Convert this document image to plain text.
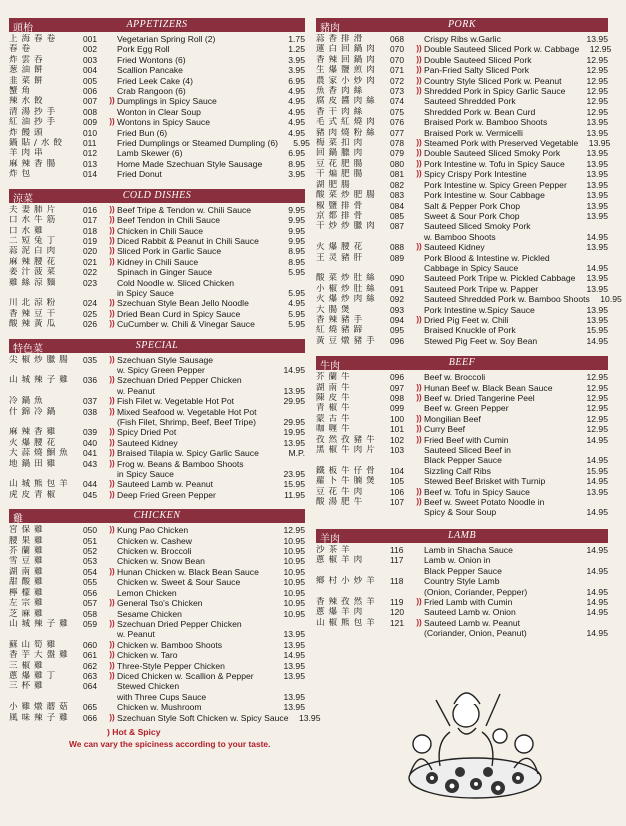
頭枱	APPETIZERS
上 海 春 卷	001	Vegetarian Spring Roll (2)	1.75
春 卷	002	Pork Egg Roll	1.25
炸 雲 吞	003	Fried Wontons (6)	3.95
葱 油 餅	004	Scallion Pancake	3.95
韭 菜 餅	005	Fried Leek Cake (4)	6.95
蟹 角	006	Crab Rangoon (6)	4.95
辣 水 餃	007	)) Dumplings in Spicy Sauce	4.95
清 湯 抄 手	008	Wonton in Clear Soup	4.95
紅 油 抄 手	009	)) Wontons in Spicy Sauce	4.95
炸 饅 頭	010	Fried Bun (6)	4.95
鍋 貼 / 水 餃	011	Fried Dumplings or Steamed Dumpling (6)	5.95
羊 肉 串	012	Lamb Skewer (6)	6.95
麻 辣 香 腸	013	Home Made Szechuan Style Sausage	8.95
炸 包	014	Fried Donut	3.95
涼菜	COLD DISHES
夫 妻 肺 片	016	)) Beef Tripe & Tendon w. Chili Sauce	9.95
口 水 牛 筋	017	)) Beef Tendon in Chili Sauce	9.95
口 水 雞	018	)) Chicken in Chili Sauce	9.95
二 短 兔 丁	019	)) Diced Rabbit & Peanut in Chili Sauce	9.95
蒜 泥 白 肉	020	)) Sliced Pork in Garlic Sauce	8.95
麻 辣 腰 花	021	)) Kidney in Chili Sauce	8.95
姜 汁 菠 菜	022	Spinach in Ginger Sauce	5.95
雞 絲 涼 麵	023	Cold Noodle w. Sliced Chicken
in Spicy Sauce	5.95
川 北 涼 粉	024	)) Szechuan Style Bean Jello Noodle	4.95
香 辣 豆 干	025	)) Dried Bean Curd in Spicy Sauce	5.95
酸 辣 黃 瓜	026	)) CuCumber w. Chili & Vinegar Sauce	5.95
特色菜	SPECIAL
尖 椒 炒 臘 腸	035	)) Szechuan Style Sausage
w. Spicy Green Pepper	14.95
山 城 辣 子 雞	036	)) Szechuan Dried Pepper Chicken
w. Peanut	13.95
冷 鍋 魚	037	)) Fish Filet w. Vegetable Hot Pot	29.95
什 錦 冷 鍋	038	)) Mixed Seafood w. Vegetable Hot Pot
(Fish Filet, Shrimp, Beef, Beef Tripe)	29.95
麻 辣 香 雞	039	)) Spicy Dried Pot	19.95
火 爆 腰 花	040	)) Sauteed Kidney	13.95
大 蒜 燒 鮰 魚	041	)) Braised Tilapia w. Spicy Garlic Sauce	M.P.
地 鍋 田 雞	043	)) Frog w. Beans & Bamboo Shoots
in Spicy Sauce	23.95
山 城 熊 包 羊	044	)) Sauteed Lamb w. Peanut	15.95
虎 皮 青 椒	045	)) Deep Fried Green Pepper	11.95
雞	CHICKEN
宮 保 雞	050	)) Kung Pao Chicken	12.95
腰 果 雞	051	Chicken w. Cashew	10.95
芥 蘭 雞	052	Chicken w. Broccoli	10.95
雪 豆 雞	053	Chicken w. Snow Bean	10.95
湖 南 雞	054	)) Hunan Chicken w. Black Bean Sauce	10.95
甜 酸 雞	055	Chicken w. Sweet & Sour Sauce	10.95
檸 檬 雞	056	Lemon Chicken	10.95
左 宗 雞	057	)) General Tso's Chicken	10.95
芝 麻 雞	058	Sesame Chicken	10.95
山 城 辣 子 雞	059	)) Szechuan Dried Pepper Chicken
w. Peanut	13.95
蘇 山 筍 雞	060	)) Chicken w. Bamboo Shoots	13.95
香 芋 大 盤 雞	061	)) Chicken w. Taro	14.95
三 椒 雞	062	)) Three-Style Pepper Chicken	13.95
蔥 爆 雞 丁	063	)) Diced Chicken w. Scallion & Pepper	13.95
三 杯 雞	064	Stewed Chicken
with Three Cups Sauce	13.95
小 雞 燉 蘑 菇	065	Chicken w. Mushroom	13.95
風 味 辣 子 雞	066	)) Szechuan Style Soft Chicken w. Spicy Sauce	13.95
) Hot & Spicy
We can vary the spiciness according to your taste.
豬肉	PORK
蒜 香 排 滑	068	Crispy Ribs w.Garlic	13.95
蓮 白 回 鍋 肉	070	)) Double Sauteed Sliced Pork w. Cabbage	12.95
香 辣 回 鍋 肉	070	)) Double Sauteed Sliced Pork	12.95
生 爆 鹽 煎 肉	071	)) Pan-Fried Salty Sliced Pork	12.95
農 家 小 炒 肉	072	)) Country Style Sliced Pork w. Peanut	12.95
魚 香 肉 絲	073	)) Shredded Pork in Spicy Garlic Sauce	12.95
腐 皮 醬 肉 絲	074	Sauteed Shredded Pork	12.95
香 干 肉 絲	075	Shredded Pork w. Bean Curd	12.95
毛 式 紅 燒 肉	076	Braised Pork w. Bamboo Shoots	13.95
豬 肉 燒 粉 絲	077	Braised Pork w. Vermicelli	13.95
梅 菜 扣 肉	078	)) Steamed Pork with Preserved Vegetable	13.95
回 鍋 臘 肉	079	)) Double Sauteed Sliced Smoky Pork	13.95
豆 花 肥 腸	080	)) Pork Intestine w. Tofu in Spicy Sauce	13.95
干 煸 肥 腸	081	)) Spicy Crispy Pork Intestine	13.95
湖 肥 腸	082	Pork Intestine w. Spicy Green Pepper	13.95
酸 菜 炒 肥 腸	083	Pork Intestine w. Sour Cabbage	13.95
椒 鹽 排 骨	084	Salt & Pepper Pork Chop	13.95
京 都 排 骨	085	Sweet & Sour Pork Chop	13.95
干 炒 炒 臘 肉	087	Sauteed Sliced Smoky Pork
w. Bamboo Shoots	14.95
火 爆 腰 花	088	)) Sauteed Kidney	13.95
王 灵 豬 肝	089	Pork Blood & Intestine w. Pickled
Cabbage in Spicy Sauce	14.95
酸 菜 炒 肚 絲	090	Sauteed Pork Tripe w. Pickled Cabbage	13.95
小 椒 炒 肚 絲	091	Sauteed Pork Tripe w. Papper	13.95
火 爆 炒 肉 絲	092	Sauteed Shredded Pork w. Bamboo Shoots	10.95
大 腸 煲	093	Pork Intestine w.Spicy Sauce	13.95
香 辣 豬 手	094	)) Dried Pig Feet w. Chili	13.95
紅 燒 豬 蹄	095	Braised Knuckle of Pork	15.95
黃 豆 燉 豬 手	096	Stewed Pig Feet w. Soy Bean	14.95
牛肉	BEEF
芥 蘭 牛	096	Beef w. Broccoli	12.95
湖 南 牛	097	)) Hunan Beef w. Black Bean Sauce	12.95
陳 皮 牛	098	)) Beef w. Dried Tangerine Peel	12.95
青 椒 牛	099	Beef w. Green Pepper	12.95
蒙 古 牛	100	)) Mongilian Beef	12.95
咖 喱 牛	101	)) Curry Beef	12.95
孜 然 孜 豬 牛	102	)) Fried Beef with Cumin	14.95
黑 椒 牛 肉 片	103	Sauteed Sliced Beef in
Black Pepper Sauce	14.95
鐵 板 牛 仔 骨	104	Sizzling Calf Ribs	15.95
蘿 卜 牛 腩 煲	105	Stewed Beef Brisket with Turnip	14.95
豆 花 牛 肉	106	)) Beef w. Tofu in Spicy Sauce	13.95
酸 湯 肥 牛	107	)) Beef w. Sweet Potato Noodle in
Spicy & Sour Soup	14.95
羊肉	LAMB
沙 茶 羊	116	Lamb in Shacha Sauce	14.95
蔥 椒 羊 肉	117	Lamb w. Onion in
Black Pepper Sauce	14.95
鄉 村 小 炒 羊	118	Country Style Lamb
(Onion, Coriander, Pepper)	14.95
香 辣 孜 然 羊	119	)) Fried Lamb with Cumin	14.95
蔥 爆 羊 肉	120	Sauteed Lamb w. Onion	14.95
山 椒 熊 包 羊	121	)) Sauteed Lamb w. Peanut
(Coriander, Onion, Peanut)	14.95
